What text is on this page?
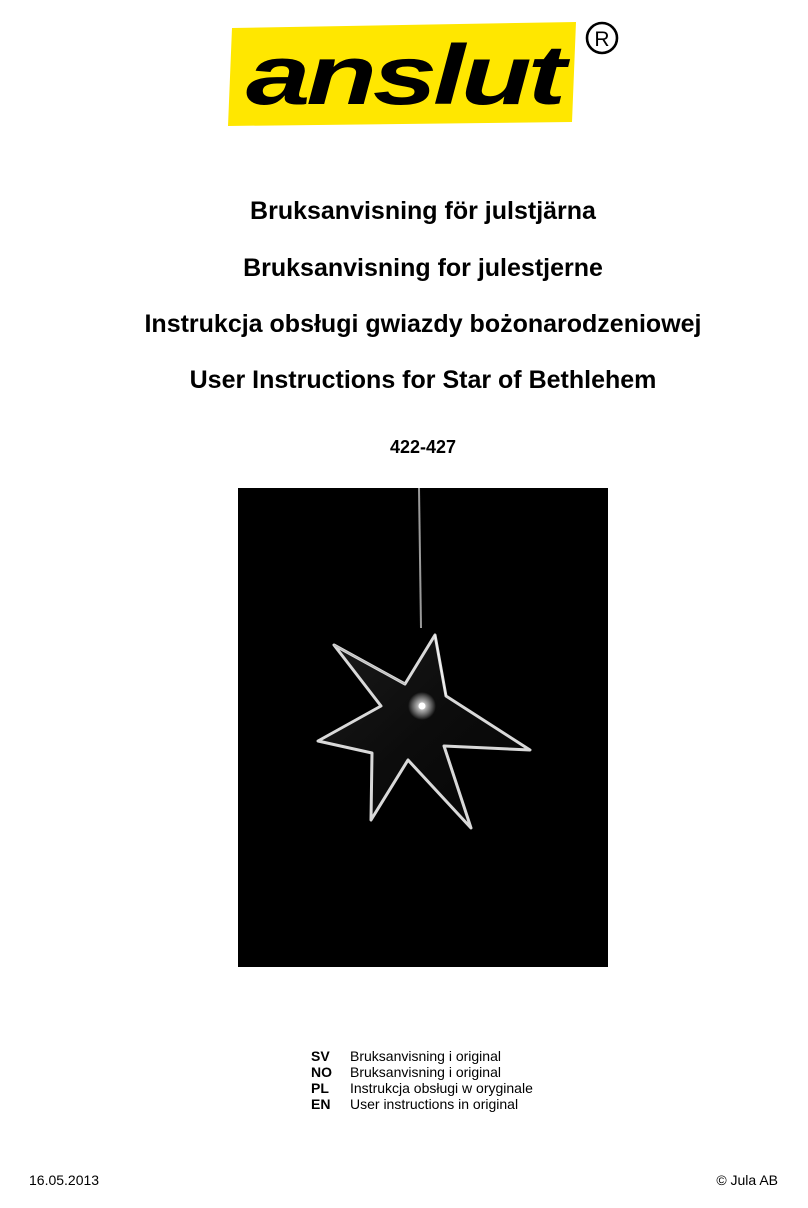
anslut R
Bruksanvisning för julstjärna
Bruksanvisning for julestjerne
Instrukcja obsługi gwiazdy bożonarodzeniowej
User Instructions for Star of Bethlehem
422-427
SV	Bruksanvisning i original
NO	Bruksanvisning i original
PL	Instrukcja obsługi w oryginale
EN	User instructions in original
16.05.2013	© Jula AB
